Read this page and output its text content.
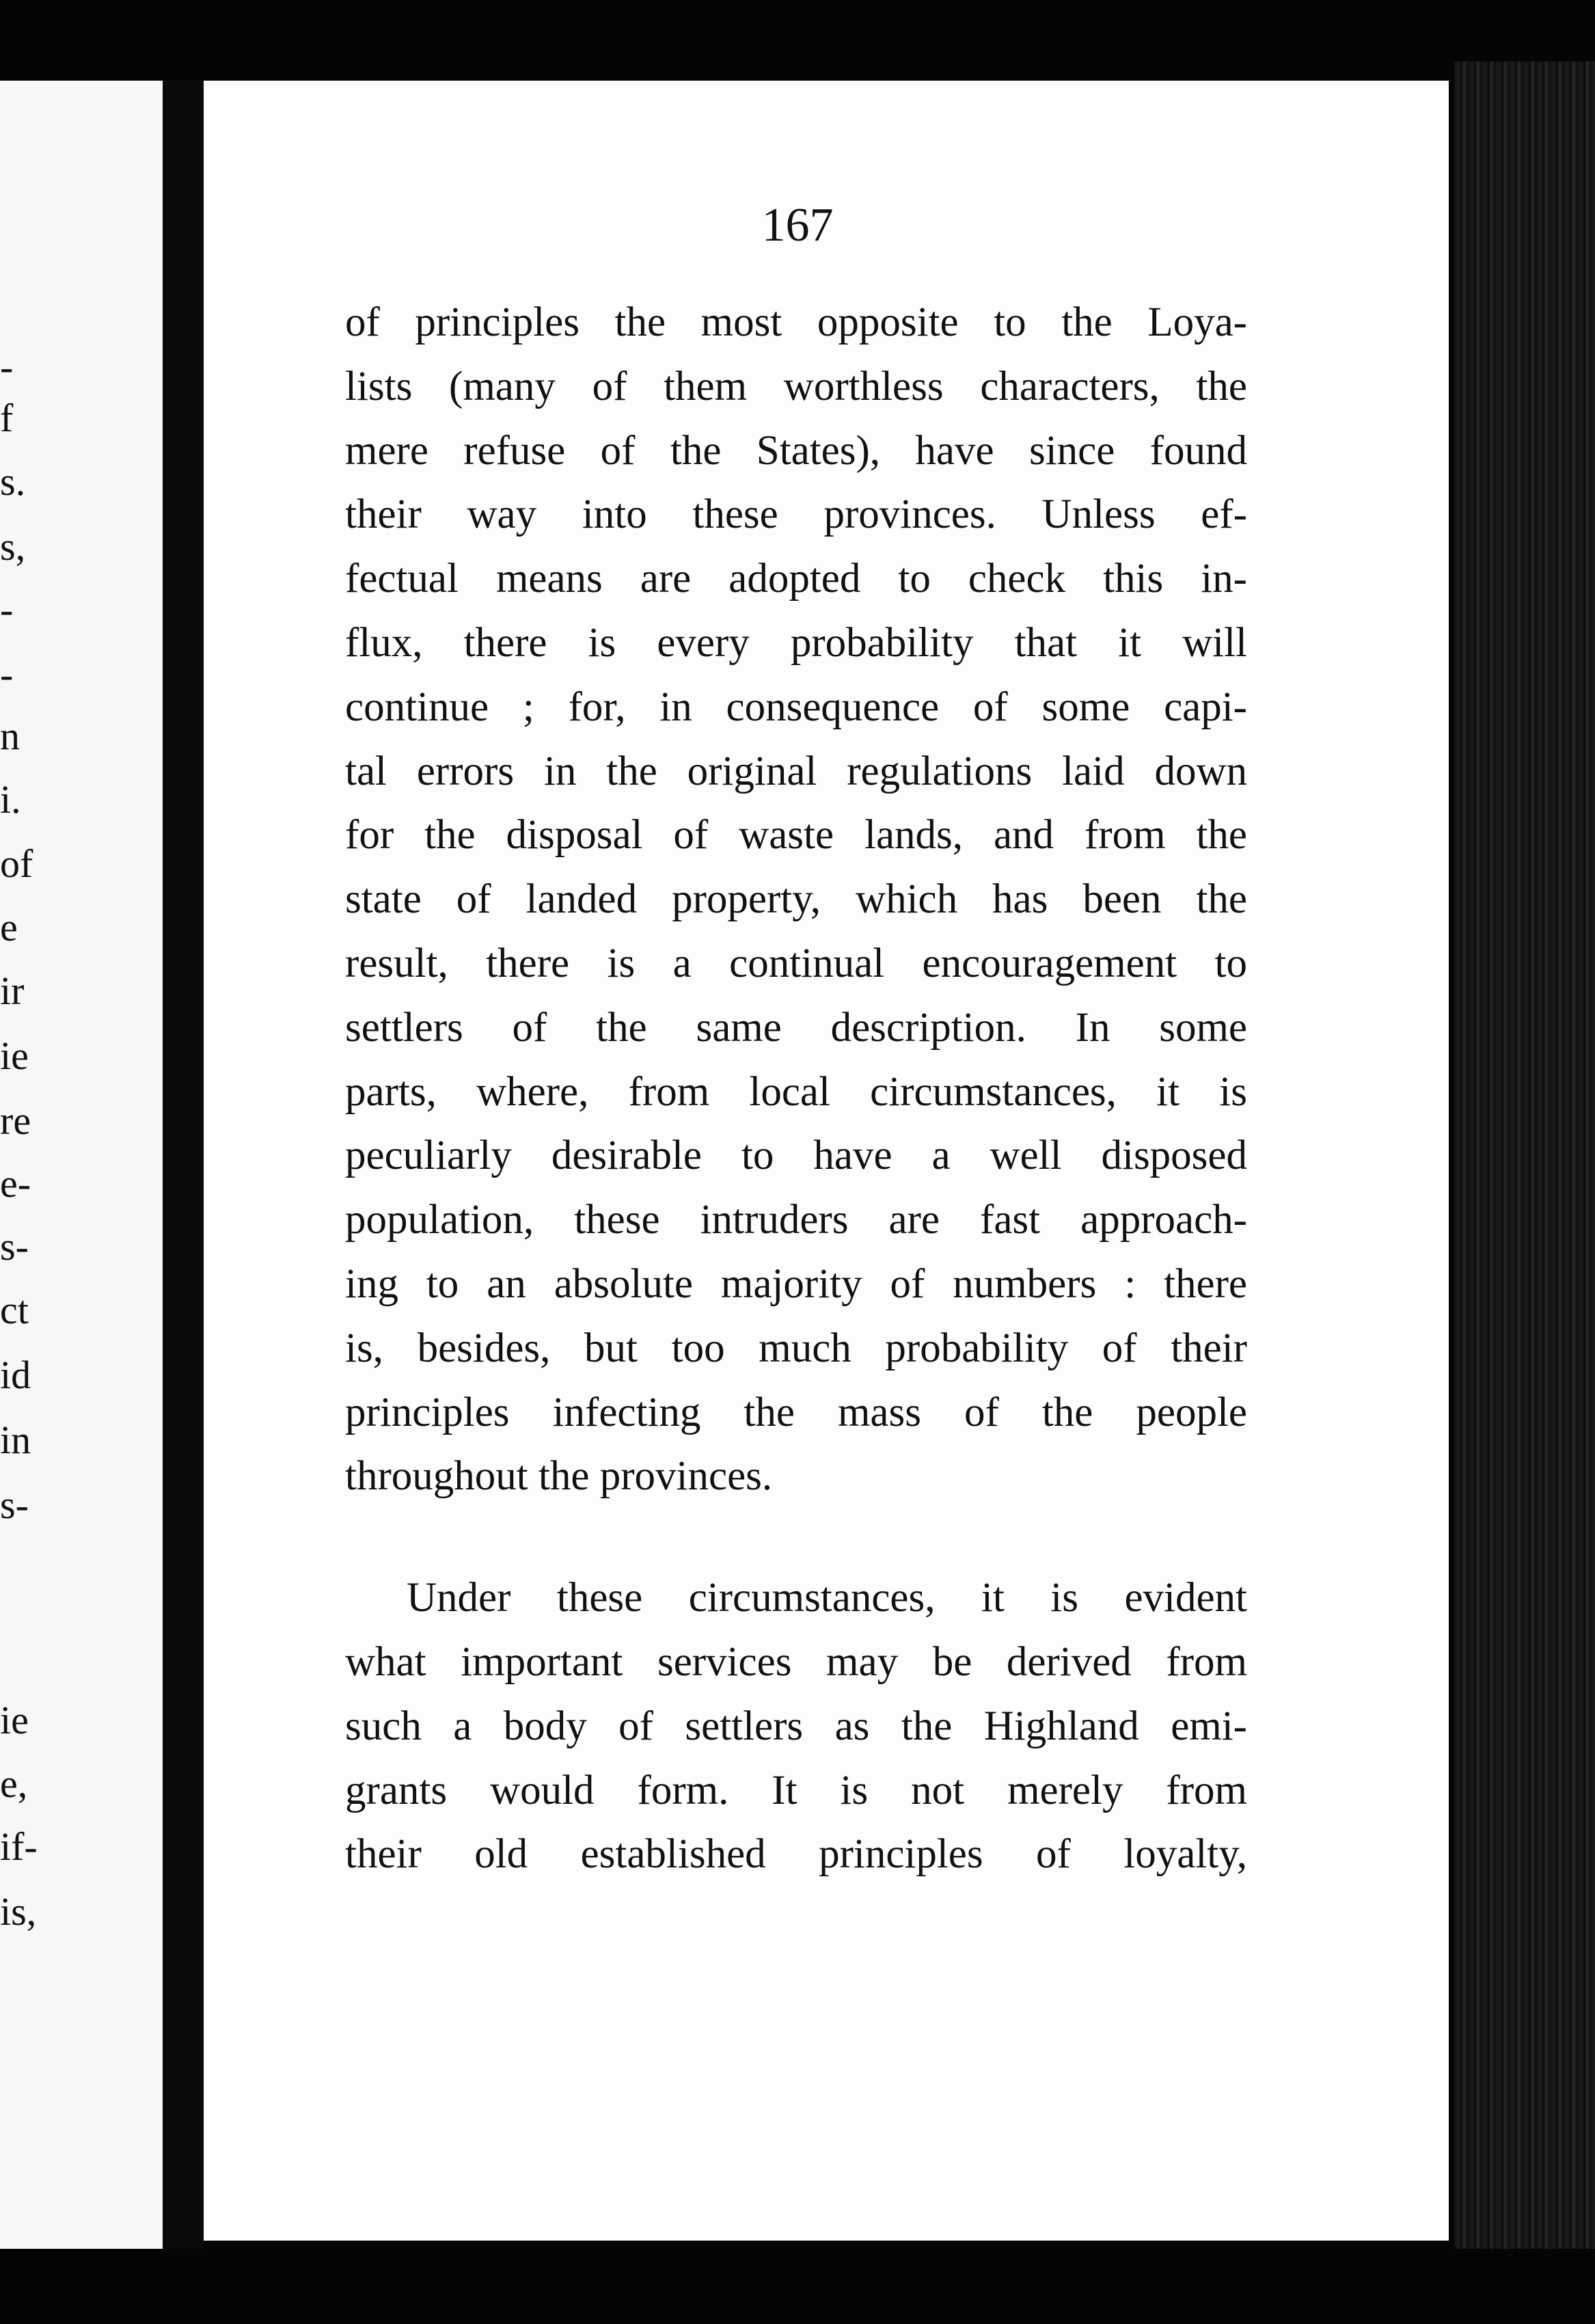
-
f
s.
s,
-
-
n
i.
of
e
ir
ie
re
e-
s-
ct
id
in
s-
ie
e,
if-
is,
167
of principles the most opposite to the Loya-
lists (many of them worthless characters, the
mere refuse of the States), have since found
their way into these provinces. Unless ef-
fectual means are adopted to check this in-
flux, there is every probability that it will
continue ; for, in consequence of some capi-
tal errors in the original regulations laid down
for the disposal of waste lands, and from the
state of landed property, which has been the
result, there is a continual encouragement to
settlers of the same description. In some
parts, where, from local circumstances, it is
peculiarly desirable to have a well disposed
population, these intruders are fast approach-
ing to an absolute majority of numbers : there
is, besides, but too much probability of their
principles infecting the mass of the people
throughout the provinces.
Under these circumstances, it is evident
what important services may be derived from
such a body of settlers as the Highland emi-
grants would form. It is not merely from
their old established principles of loyalty,
